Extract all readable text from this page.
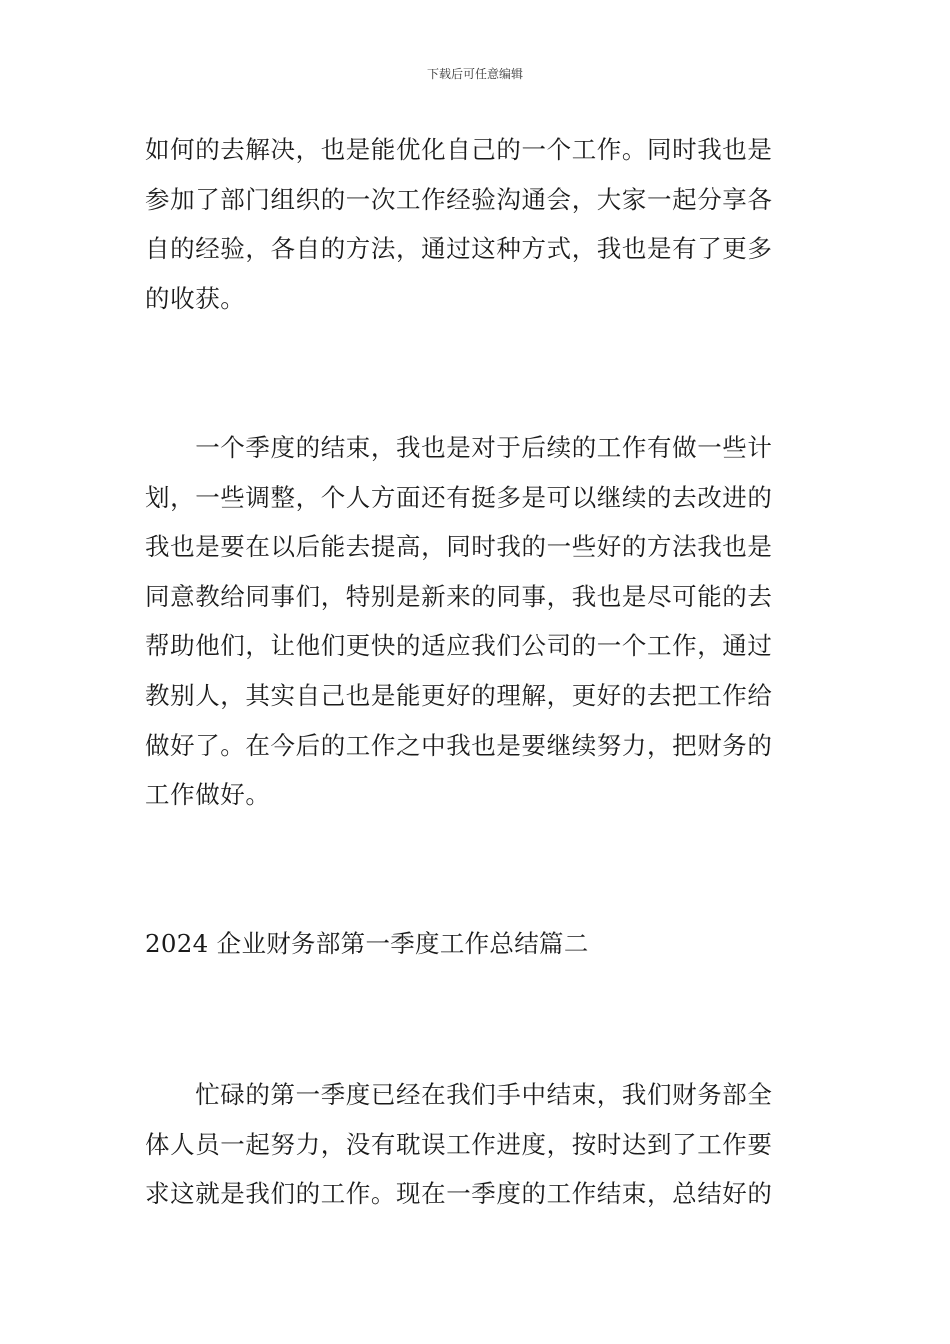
下载后可任意编辑
如何的去解决，也是能优化自己的一个工作。同时我也是
参加了部门组织的一次工作经验沟通会，大家一起分享各
自的经验，各自的方法，通过这种方式，我也是有了更多
的收获。
　　一个季度的结束，我也是对于后续的工作有做一些计
划，一些调整，个人方面还有挺多是可以继续的去改进的
我也是要在以后能去提高，同时我的一些好的方法我也是
同意教给同事们，特别是新来的同事，我也是尽可能的去
帮助他们，让他们更快的适应我们公司的一个工作，通过
教别人，其实自己也是能更好的理解，更好的去把工作给
做好了。在今后的工作之中我也是要继续努力，把财务的
工作做好。
2024 企业财务部第一季度工作总结篇二
　　忙碌的第一季度已经在我们手中结束，我们财务部全
体人员一起努力，没有耽误工作进度，按时达到了工作要
求这就是我们的工作。现在一季度的工作结束，总结好的
